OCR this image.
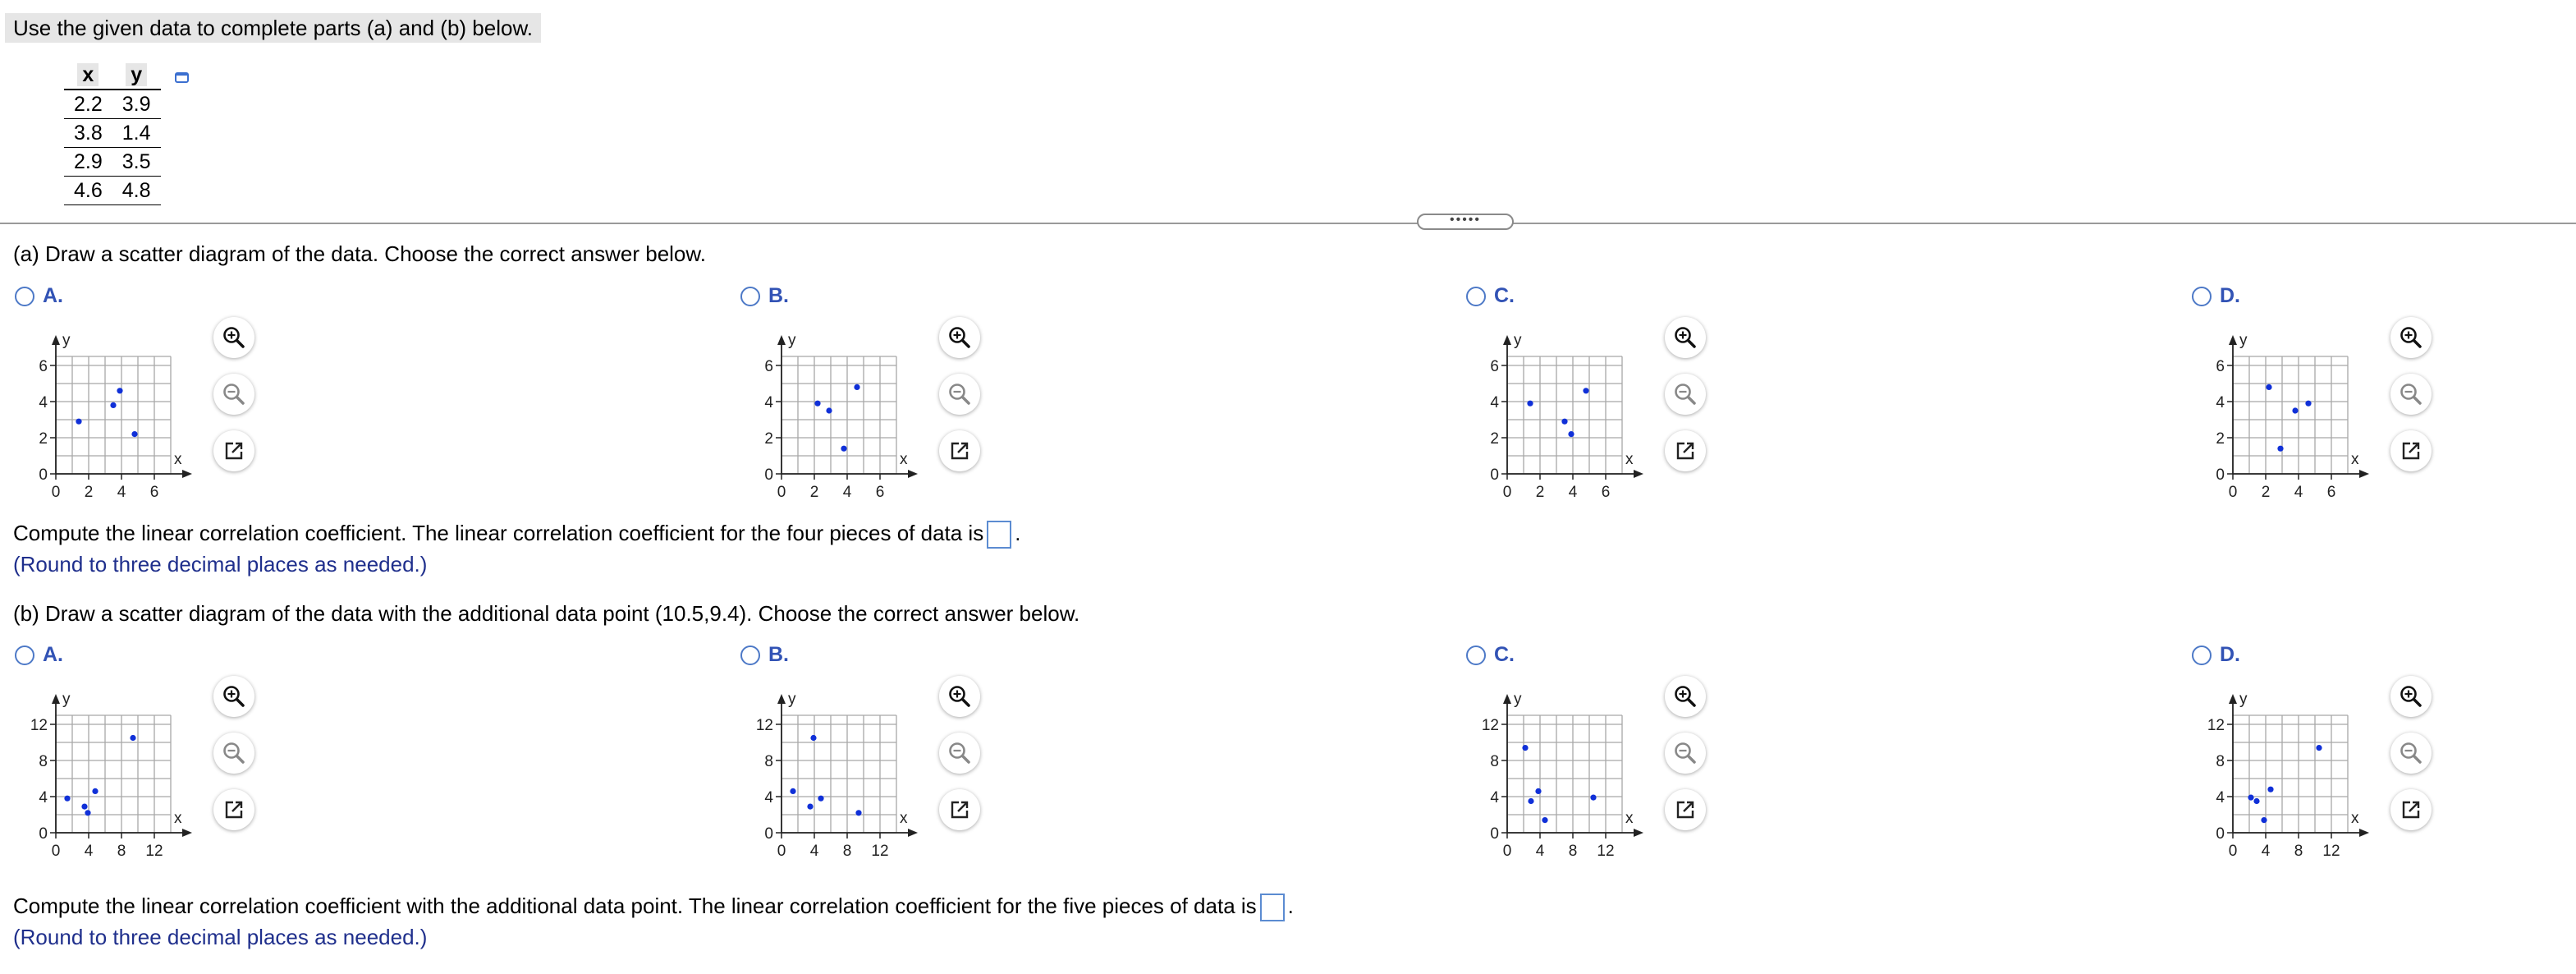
Use the given data to complete parts (a) and (b) below.
x	y
2.2	3.9
3.8	1.4
2.9	3.5
4.6	4.8
•••••
(a) Draw a scatter diagram of the data. Choose the correct answer below.
A.
x
y
0 2 4 6
0
2
4
6
B.
x
y
0 2 4 6
0
2
4
6
C.
x
y
0 2 4 6
0
2
4
6
D.
x
y
0 2 4 6
0
2
4
6
Compute the linear correlation coefficient. The linear correlation coefficient for the four pieces of data is .
(Round to three decimal places as needed.)
(b) Draw a scatter diagram of the data with the additional data point (10.5,9.4). Choose the correct answer below.
A.
x
y
0 4 8 12
0
4
8
12
B.
x
y
0 4 8 12
0
4
8
12
C.
x
y
0 4 8 12
0
4
8
12
D.
x
y
0 4 8 12
0
4
8
12
Compute the linear correlation coefficient with the additional data point. The linear correlation coefficient for the five pieces of data is .
(Round to three decimal places as needed.)
